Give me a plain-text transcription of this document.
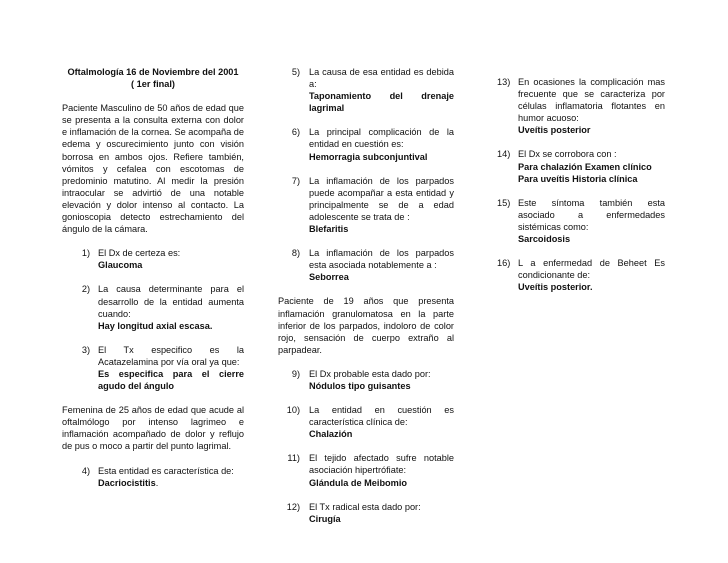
Oftalmología 16 de Noviembre del 2001
( 1er final)
Paciente Masculino de 50 años de edad que se presenta a la consulta externa con dolor e inflamación de la cornea. Se acompaña de edema y oscurecimiento junto con visión borrosa en ambos ojos. Refiere también, vómitos y cefalea con escotomas de predominio matutino. Al medir la presión intraocular se advirtió de una notable elevación y dolor intenso al contacto. La gonioscopia detecto estrechamiento del ángulo de la cámara.
1) El Dx de certeza es:
Glaucoma
2) La causa determinante para el desarrollo de la entidad aumenta cuando:
Hay longitud axial escasa.
3) El Tx especifico es la Acatazelamina por vía oral ya que:
Es especifica para el cierre agudo del ángulo
Femenina de 25 años de edad que acude al oftalmólogo por intenso lagrimeo e inflamación acompañado de dolor y reflujo de pus o moco a partir del punto lagrimal.
4) Esta entidad es característica de:
Dacriocistitis.
5) La causa de esa entidad es debida a:
Taponamiento del drenaje lagrimal
6) La principal complicación de la entidad en cuestión es:
Hemorragia subconjuntival
7) La inflamación de los parpados puede acompañar a esta entidad y principalmente se de a edad adolescente se trata de :
Blefaritis
8) La inflamación de los parpados esta asociada notablemente a :
Seborrea
Paciente de 19 años que presenta inflamación granulomatosa en la parte inferior de los parpados, indoloro de color rojo, sensación de cuerpo extraño al parpadear.
9) El Dx probable esta dado por:
Nódulos tipo guisantes
10) La entidad en cuestión es característica clínica de:
Chalazión
11) El tejido afectado sufre notable asociación hipertrófiate:
Glándula de Meibomio
12) El Tx radical esta dado por:
Cirugía
13) En ocasiones la complicación mas frecuente que se caracteriza por células inflamatoria flotantes en humor acuoso:
Uveítis posterior
14) El Dx se corrobora con :
Para chalazión Examen clínico
Para uveítis Historia clínica
15) Este síntoma también esta asociado a enfermedades sistémicas como:
Sarcoidosis
16) L a enfermedad de Beheet Es condicionante de:
Uveítis posterior.
